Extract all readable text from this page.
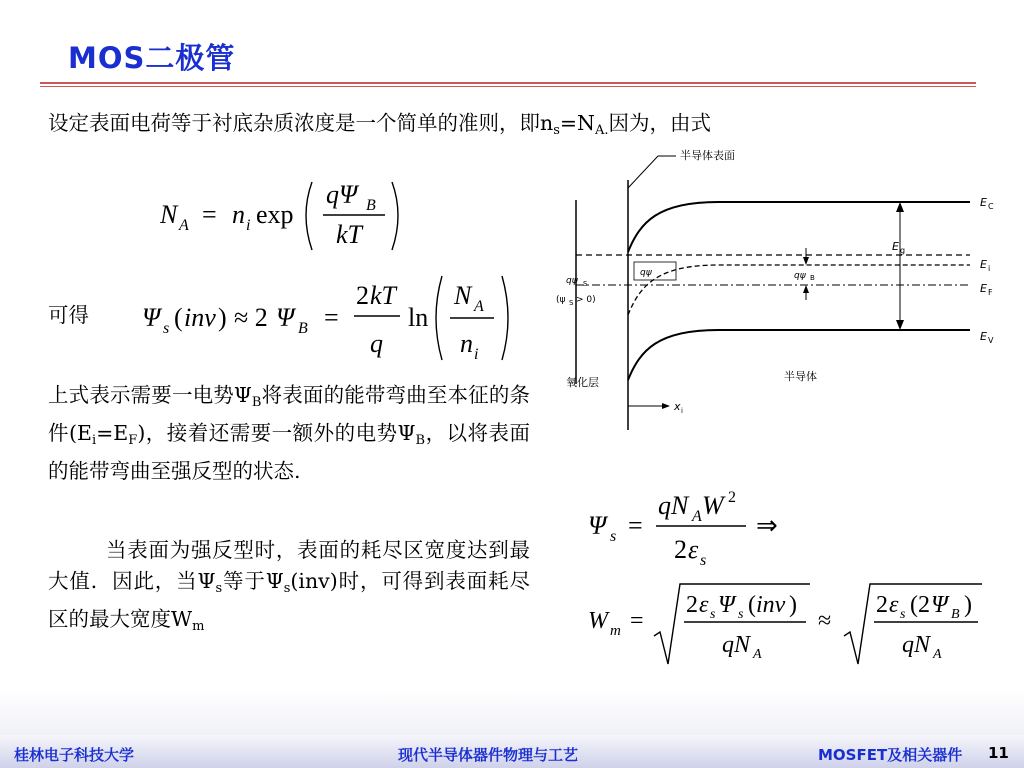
MOS二极管
设定表面电荷等于衬底杂质浓度是一个简单的准则，即$n_s=N_{A.}$因为，由式
N A = n i exp
qΨ B
kT
可得 Ψ s ( inv ) ≈ 2 Ψ B =
2 kT
q
ln
N A
n i
上式表示需要一电势$\Psi_B$将表面的能带弯曲至本征的条件$(E_i=E_F)$，接着还需要一额外的电势$\Psi_B$，以将表面的能带弯曲至强反型的状态.
当表面为强反型时，表面的耗尽区宽度达到最大值．因此，当$\Psi_s$等于$\Psi_s(inv)$时，可得到表面耗尽区的最大宽度$W_m$
半导体表面
E g
qψ B
qψ
qψ S
(ψ S > 0)
E C
E i
E F
E V
氧化层	半导体
x i
Ψ s =
qN A W 2
2 ε s
⇒
W m =
2 ε s Ψ s ( inv )
qN A
≈
2 ε s (2 Ψ B )
qN A
桂林电子科技大学	现代半导体器件物理与工艺	MOSFET及相关器件 11
